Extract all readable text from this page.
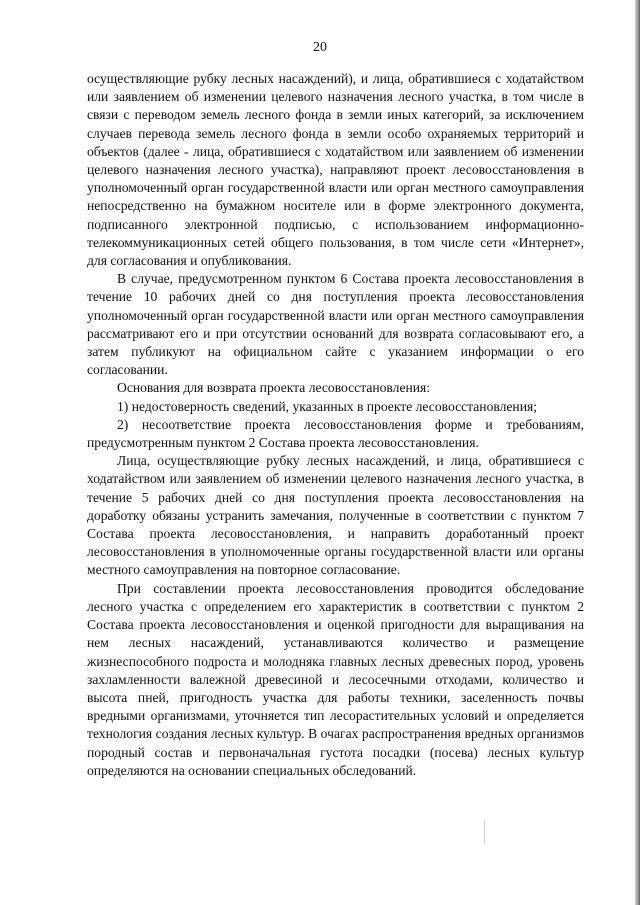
20

осуществляющие рубку лесных насаждений), и лица, обратившиеся с ходатайством или заявлением об изменении целевого назначения лесного участка, в том числе в связи с переводом земель лесного фонда в земли иных категорий, за исключением случаев перевода земель лесного фонда в земли особо охраняемых территорий и объектов (далее - лица, обратившиеся с ходатайством или заявлением об изменении целевого назначения лесного участка), направляют проект лесовосстановления в уполномоченный орган государственной власти или орган местного самоуправления непосредственно на бумажном носителе или в форме электронного документа, подписанного электронной подписью, с использованием информационно-телекоммуникационных сетей общего пользования, в том числе сети «Интернет», для согласования и опубликования.

В случае, предусмотренном пунктом 6 Состава проекта лесовосстановления в течение 10 рабочих дней со дня поступления проекта лесовосстановления уполномоченный орган государственной власти или орган местного самоуправления рассматривают его и при отсутствии оснований для возврата согласовывают его, а затем публикуют на официальном сайте с указанием информации о его согласовании.

Основания для возврата проекта лесовосстановления:

1) недостоверность сведений, указанных в проекте лесовосстановления;

2) несоответствие проекта лесовосстановления форме и требованиям, предусмотренным пунктом 2 Состава проекта лесовосстановления.

Лица, осуществляющие рубку лесных насаждений, и лица, обратившиеся с ходатайством или заявлением об изменении целевого назначения лесного участка, в течение 5 рабочих дней со дня поступления проекта лесовосстановления на доработку обязаны устранить замечания, полученные в соответствии с пунктом 7 Состава проекта лесовосстановления, и направить доработанный проект лесовосстановления в уполномоченные органы государственной власти или органы местного самоуправления на повторное согласование.

При составлении проекта лесовосстановления проводится обследование лесного участка с определением его характеристик в соответствии с пунктом 2 Состава проекта лесовосстановления и оценкой пригодности для выращивания на нем лесных насаждений, устанавливаются количество и размещение жизнеспособного подроста и молодняка главных лесных древесных пород, уровень захламленности валежной древесиной и лесосечными отходами, количество и высота пней, пригодность участка для работы техники, заселенность почвы вредными организмами, уточняется тип лесорастительных условий и определяется технология создания лесных культур. В очагах распространения вредных организмов породный состав и первоначальная густота посадки (посева) лесных культур определяются на основании специальных обследований.
